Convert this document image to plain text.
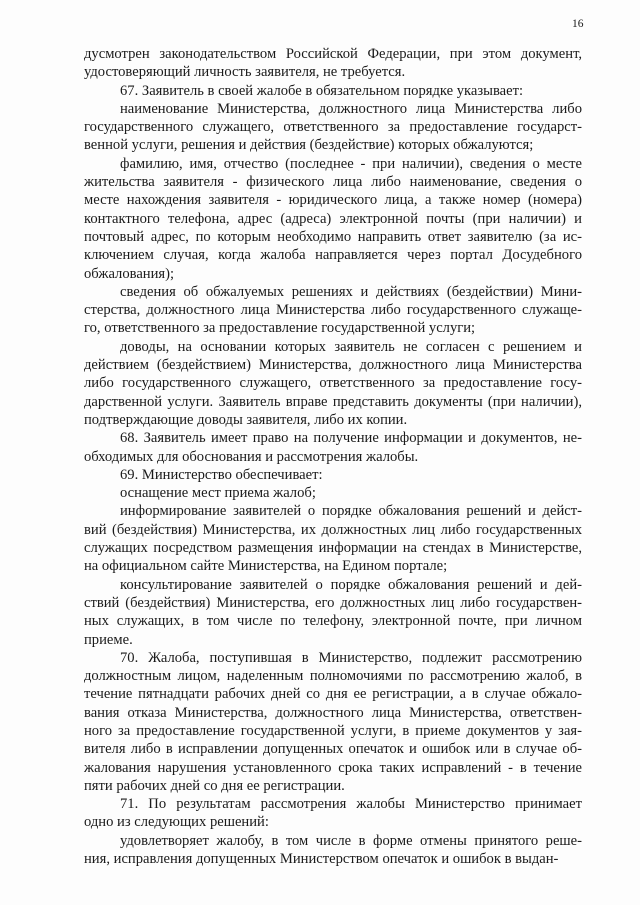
16

дусмотрен законодательством Российской Федерации, при этом документ,
удостоверяющий личность заявителя, не требуется.

67. Заявитель в своей жалобе в обязательном порядке указывает:

наименование Министерства, должностного лица Министерства либо
государственного служащего, ответственного за предоставление государст-
венной услуги, решения и действия (бездействие) которых обжалуются;

фамилию, имя, отчество (последнее - при наличии), сведения о месте
жительства заявителя - физического лица либо наименование, сведения о
месте нахождения заявителя - юридического лица, а также номер (номера)
контактного телефона, адрес (адреса) электронной почты (при наличии) и
почтовый адрес, по которым необходимо направить ответ заявителю (за ис-
ключением случая, когда жалоба направляется через портал Досудебного
обжалования);

сведения об обжалуемых решениях и действиях (бездействии) Мини-
стерства, должностного лица Министерства либо государственного служаще-
го, ответственного за предоставление государственной услуги;

доводы, на основании которых заявитель не согласен с решением и
действием (бездействием) Министерства, должностного лица Министерства
либо государственного служащего, ответственного за предоставление госу-
дарственной услуги. Заявитель вправе представить документы (при наличии),
подтверждающие доводы заявителя, либо их копии.

68. Заявитель имеет право на получение информации и документов, не-
обходимых для обоснования и рассмотрения жалобы.

69. Министерство обеспечивает:

оснащение мест приема жалоб;

информирование заявителей о порядке обжалования решений и дейст-
вий (бездействия) Министерства, их должностных лиц либо государственных
служащих посредством размещения информации на стендах в Министерстве,
на официальном сайте Министерства, на Едином портале;

консультирование заявителей о порядке обжалования решений и дей-
ствий (бездействия) Министерства, его должностных лиц либо государствен-
ных служащих, в том числе по телефону, электронной почте, при личном
приеме.

70. Жалоба, поступившая в Министерство, подлежит рассмотрению
должностным лицом, наделенным полномочиями по рассмотрению жалоб, в
течение пятнадцати рабочих дней со дня ее регистрации, а в случае обжало-
вания отказа Министерства, должностного лица Министерства, ответствен-
ного за предоставление государственной услуги, в приеме документов у зая-
вителя либо в исправлении допущенных опечаток и ошибок или в случае об-
жалования нарушения установленного срока таких исправлений - в течение
пяти рабочих дней со дня ее регистрации.

71. По результатам рассмотрения жалобы Министерство принимает
одно из следующих решений:

удовлетворяет жалобу, в том числе в форме отмены принятого реше-
ния, исправления допущенных Министерством опечаток и ошибок в выдан-
